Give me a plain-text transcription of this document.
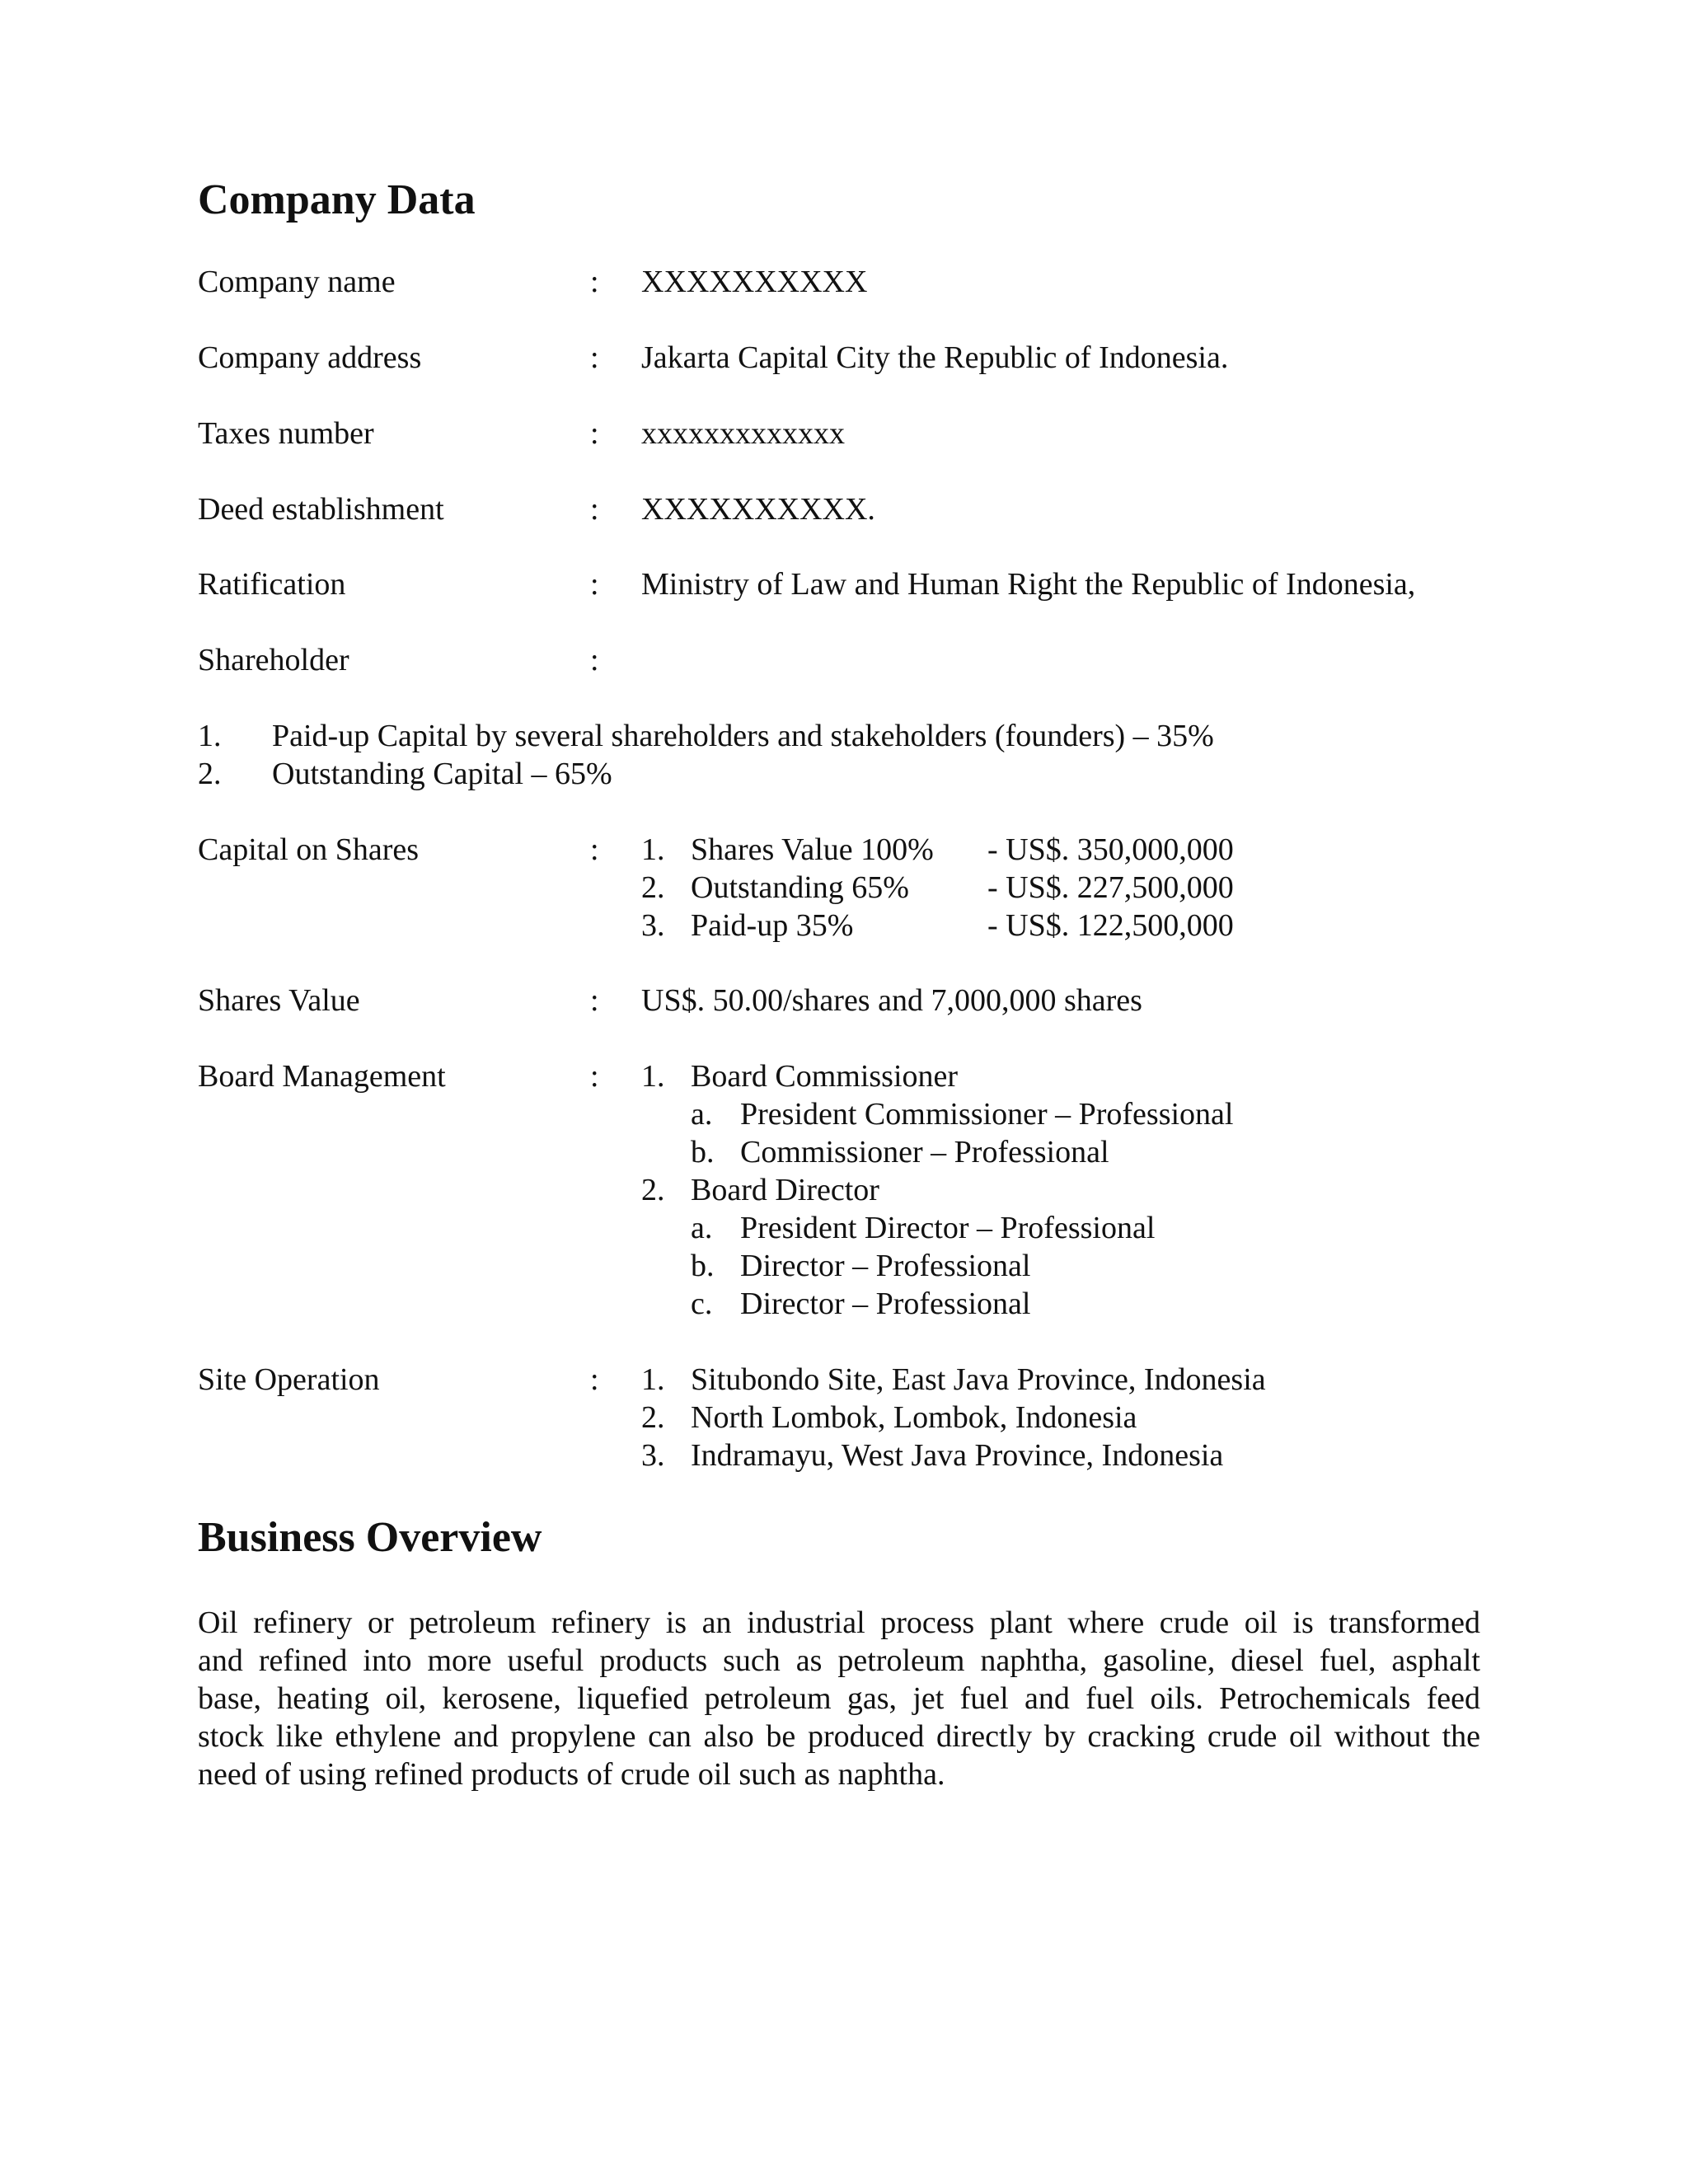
Company Data
Company name	: XXXXXXXXXX
Company address	: Jakarta Capital City the Republic of Indonesia.
Taxes number	: xxxxxxxxxxxxx
Deed establishment	: XXXXXXXXXX.
Ratification	: Ministry of Law and Human Right the Republic of Indonesia,
Shareholder	:
1. Paid-up Capital by several shareholders and stakeholders (founders) – 35%
2. Outstanding Capital – 65%
Capital on Shares	: 1. Shares Value 100% - US$. 350,000,000
2. Outstanding 65%	- US$. 227,500,000
3. Paid-up 35%	- US$. 122,500,000
Shares Value	: US$. 50.00/shares and 7,000,000 shares
Board Management	: 1. Board Commissioner
a. President Commissioner – Professional
b. Commissioner – Professional
2. Board Director
a. President Director – Professional
b. Director – Professional
c. Director – Professional
Site Operation	: 1. Situbondo Site, East Java Province, Indonesia
2. North Lombok, Lombok, Indonesia
3. Indramayu, West Java Province, Indonesia
Business Overview
Oil refinery or petroleum refinery is an industrial process plant where crude oil is transformed
and refined into more useful products such as petroleum naphtha, gasoline, diesel fuel, asphalt
base, heating oil, kerosene, liquefied petroleum gas, jet fuel and fuel oils. Petrochemicals feed
stock like ethylene and propylene can also be produced directly by cracking crude oil without the
need of using refined products of crude oil such as naphtha.
